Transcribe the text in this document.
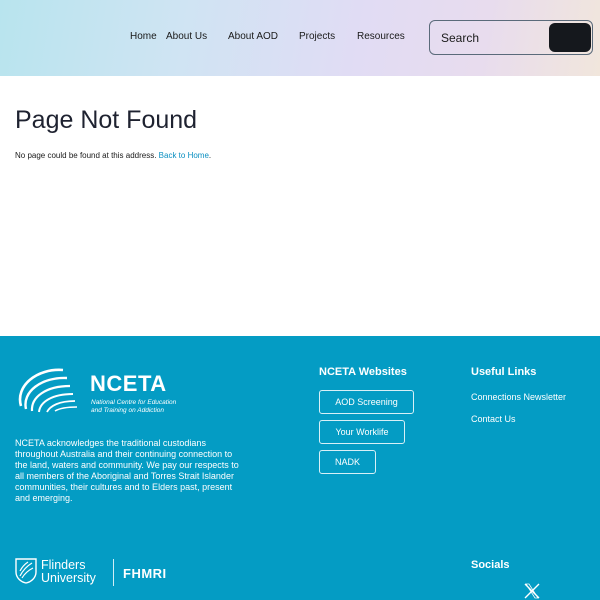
Home About Us About AOD Projects Resources
Search
Page Not Found

No page could be found at this address. Back to Home.

NCETA
National Centre for Education
and Training on Addiction

NCETA acknowledges the traditional custodians throughout Australia and their continuing connection to the land, waters and community. We pay our respects to all members of the Aboriginal and Torres Strait Islander communities, their cultures and to Elders past, present and emerging.

NCETA Websites
AOD Screening
Your Worklife
NADK
Useful Links
Connections Newsletter
Contact Us
Flinders
University FHMRI
Socials
